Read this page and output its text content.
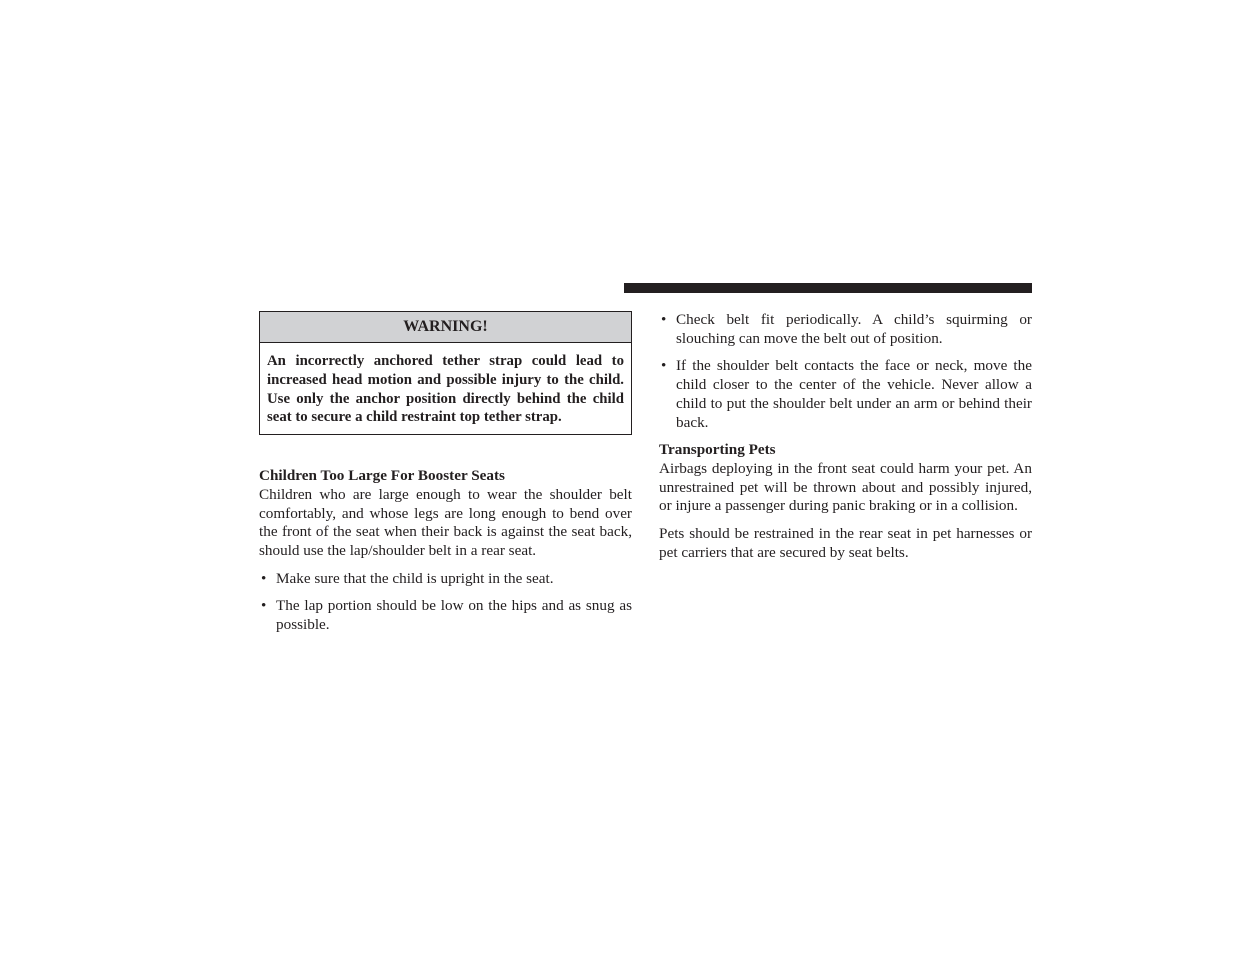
WARNING!
An incorrectly anchored tether strap could lead to increased head motion and possible injury to the child. Use only the anchor position directly behind the child seat to secure a child restraint top tether strap.
Children Too Large For Booster Seats

Children who are large enough to wear the shoulder belt comfortably, and whose legs are long enough to bend over the front of the seat when their back is against the seat back, should use the lap/shoulder belt in a rear seat.

• Make sure that the child is upright in the seat.
• The lap portion should be low on the hips and as snug as possible.
• Check belt fit periodically. A child’s squirming or slouching can move the belt out of position.
• If the shoulder belt contacts the face or neck, move the child closer to the center of the vehicle. Never allow a child to put the shoulder belt under an arm or behind their back.
Transporting Pets

Airbags deploying in the front seat could harm your pet. An unrestrained pet will be thrown about and possibly injured, or injure a passenger during panic braking or in a collision.

Pets should be restrained in the rear seat in pet harnesses or pet carriers that are secured by seat belts.
